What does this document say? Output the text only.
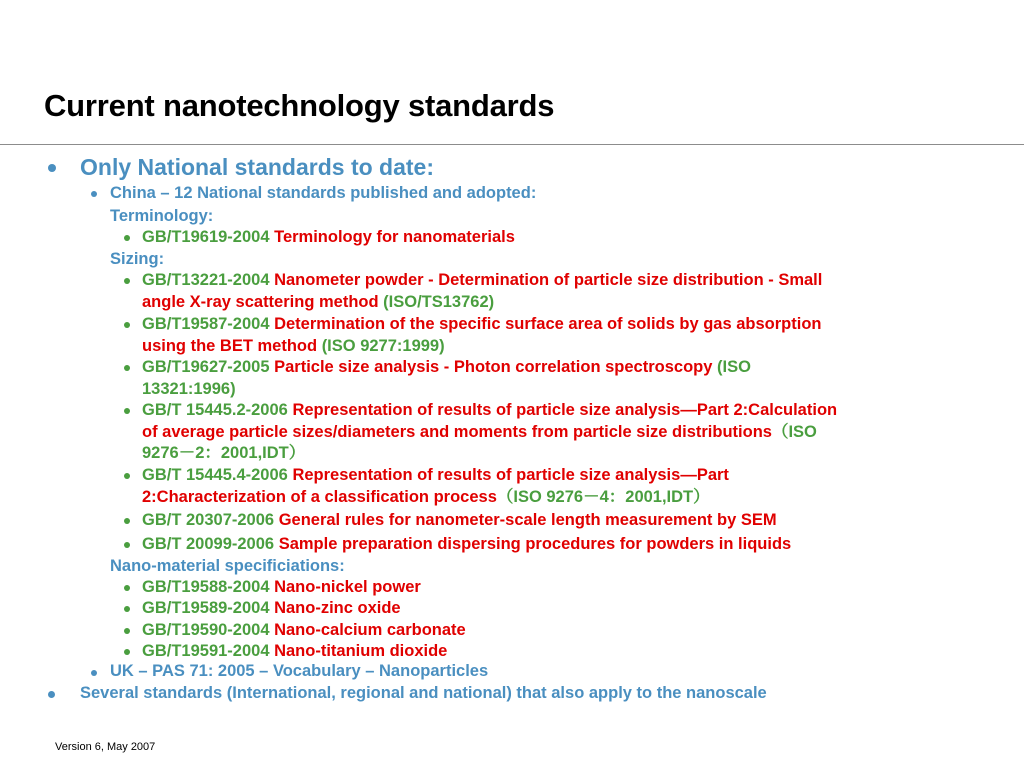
Current nanotechnology standards
Only National standards to date:
China – 12 National standards published and adopted:
Terminology:
GB/T19619-2004 Terminology for nanomaterials
Sizing:
GB/T13221-2004 Nanometer powder - Determination of particle size distribution - Small
angle X-ray scattering method (ISO/TS13762)
GB/T19587-2004 Determination of the specific surface area of solids by gas absorption
using the BET method (ISO 9277:1999)
GB/T19627-2005 Particle size analysis - Photon correlation spectroscopy (ISO
13321:1996)
GB/T 15445.2-2006 Representation of results of particle size analysis—Part 2:Calculation
of average particle sizes/diameters and moments from particle size distributions（ISO
9276－2：2001,IDT）
GB/T 15445.4-2006 Representation of results of particle size analysis—Part
2:Characterization of a classification process（ISO 9276－4：2001,IDT）
GB/T 20307-2006 General rules for nanometer-scale length measurement by SEM
GB/T 20099-2006 Sample preparation dispersing procedures for powders in liquids
Nano-material specificiations:
GB/T19588-2004 Nano-nickel power
GB/T19589-2004 Nano-zinc oxide
GB/T19590-2004 Nano-calcium carbonate
GB/T19591-2004 Nano-titanium dioxide
UK – PAS 71: 2005 – Vocabulary – Nanoparticles
Several standards (International, regional and national) that also apply to the nanoscale
Version 6, May 2007
